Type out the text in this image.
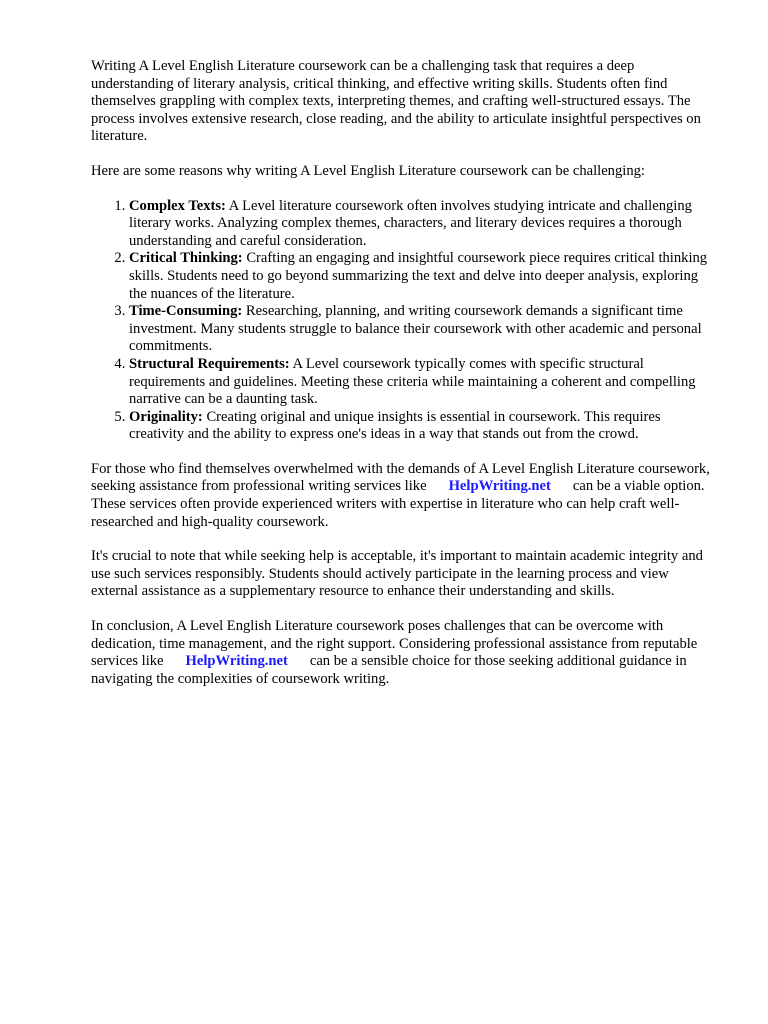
Writing A Level English Literature coursework can be a challenging task that requires a deep understanding of literary analysis, critical thinking, and effective writing skills. Students often find themselves grappling with complex texts, interpreting themes, and crafting well-structured essays. The process involves extensive research, close reading, and the ability to articulate insightful perspectives on literature.

Here are some reasons why writing A Level English Literature coursework can be challenging:

1. Complex Texts: A Level literature coursework often involves studying intricate and challenging literary works. Analyzing complex themes, characters, and literary devices requires a thorough understanding and careful consideration.
2. Critical Thinking: Crafting an engaging and insightful coursework piece requires critical thinking skills. Students need to go beyond summarizing the text and delve into deeper analysis, exploring the nuances of the literature.
3. Time-Consuming: Researching, planning, and writing coursework demands a significant time investment. Many students struggle to balance their coursework with other academic and personal commitments.
4. Structural Requirements: A Level coursework typically comes with specific structural requirements and guidelines. Meeting these criteria while maintaining a coherent and compelling narrative can be a daunting task.
5. Originality: Creating original and unique insights is essential in coursework. This requires creativity and the ability to express one's ideas in a way that stands out from the crowd.

For those who find themselves overwhelmed with the demands of A Level English Literature coursework, seeking assistance from professional writing services like HelpWriting.net can be a viable option. These services often provide experienced writers with expertise in literature who can help craft well-researched and high-quality coursework.

It's crucial to note that while seeking help is acceptable, it's important to maintain academic integrity and use such services responsibly. Students should actively participate in the learning process and view external assistance as a supplementary resource to enhance their understanding and skills.

In conclusion, A Level English Literature coursework poses challenges that can be overcome with dedication, time management, and the right support. Considering professional assistance from reputable services like HelpWriting.net can be a sensible choice for those seeking additional guidance in navigating the complexities of coursework writing.
